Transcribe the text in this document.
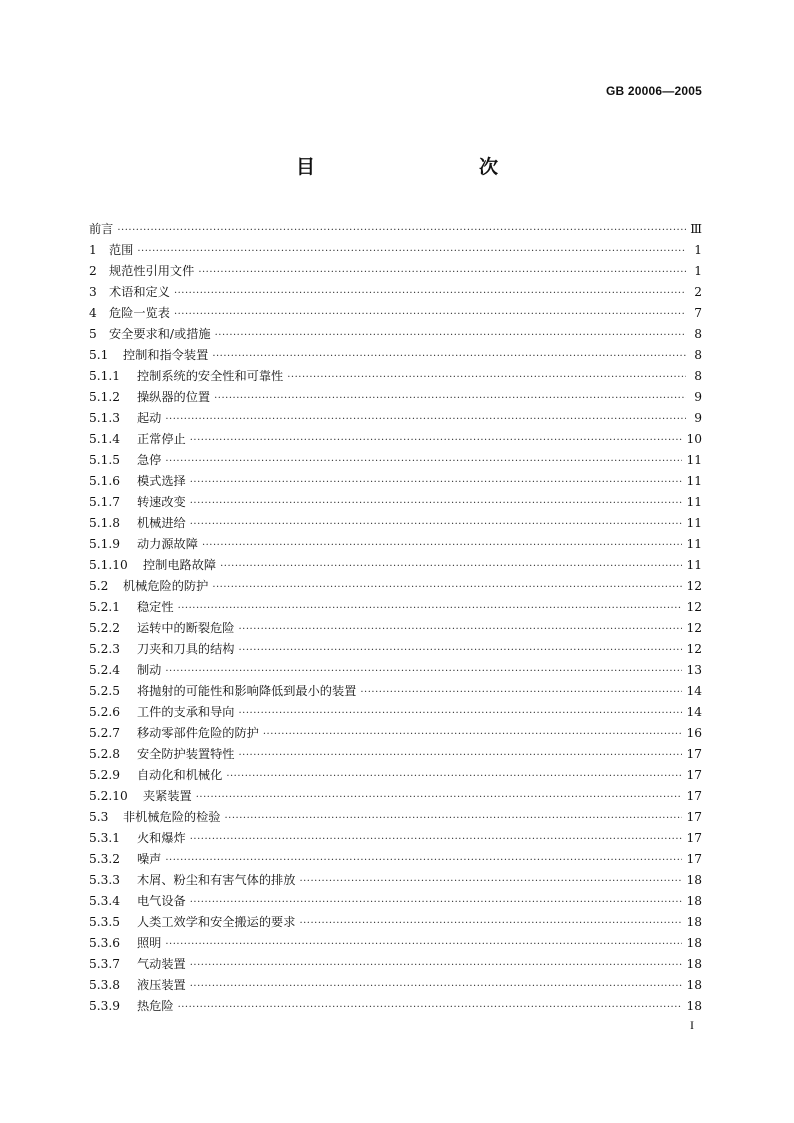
GB 20006—2005
目　　次
前言 ·····	Ⅲ
1	范围 ·····	1
2	规范性引用文件 ·····	1
3	术语和定义 ·····	2
4	危险一览表 ·····	7
5	安全要求和/或措施 ·····	8
5.1	控制和指令装置 ·····	8
5.1.1	控制系统的安全性和可靠性 ·····	8
5.1.2	操纵器的位置 ·····	9
5.1.3	起动 ·····	9
5.1.4	正常停止 ·····	10
5.1.5	急停 ·····	11
5.1.6	模式选择 ·····	11
5.1.7	转速改变 ·····	11
5.1.8	机械进给 ·····	11
5.1.9	动力源故障 ·····	11
5.1.10	控制电路故障 ·····	11
5.2	机械危险的防护 ·····	12
5.2.1	稳定性 ·····	12
5.2.2	运转中的断裂危险 ·····	12
5.2.3	刀夹和刀具的结构 ·····	12
5.2.4	制动 ·····	13
5.2.5	将抛射的可能性和影响降低到最小的装置 ·····	14
5.2.6	工件的支承和导向 ·····	14
5.2.7	移动零部件危险的防护 ·····	16
5.2.8	安全防护装置特性 ·····	17
5.2.9	自动化和机械化 ·····	17
5.2.10	夹紧装置 ·····	17
5.3	非机械危险的检验 ·····	17
5.3.1	火和爆炸 ·····	17
5.3.2	噪声 ·····	17
5.3.3	木屑、粉尘和有害气体的排放 ·····	18
5.3.4	电气设备 ·····	18
5.3.5	人类工效学和安全搬运的要求 ·····	18
5.3.6	照明 ·····	18
5.3.7	气动装置 ·····	18
5.3.8	液压装置 ·····	18
5.3.9	热危险 ·····	18
I
